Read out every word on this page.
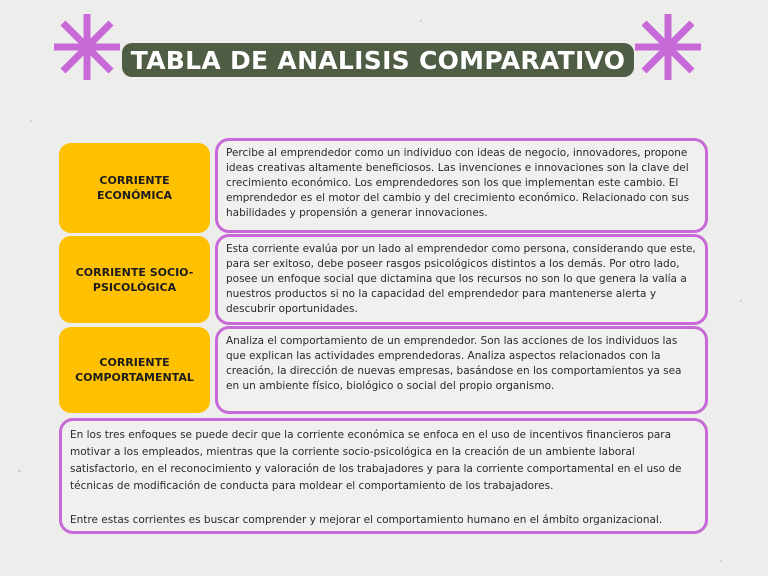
TABLA DE ANALISIS COMPARATIVO
CORRIENTE ECONÓMICA
Percibe al emprendedor como un individuo con ideas de negocio, innovadores, propone ideas creativas altamente beneficiosos. Las invenciones e innovaciones son la clave del crecimiento económico. Los emprendedores son los que implementan este cambio. El emprendedor es el motor del cambio y del crecimiento económico. Relacionado con sus habilidades y propensión a generar innovaciones.
CORRIENTE SOCIO-PSICOLÓGICA
Esta corriente evalúa por un lado al emprendedor como persona, considerando que este, para ser exitoso, debe poseer rasgos psicológicos distintos a los demás. Por otro lado, posee un enfoque social que dictamina que los recursos no son lo que genera la valía a nuestros productos si no la capacidad del emprendedor para mantenerse alerta y descubrir oportunidades.
CORRIENTE COMPORTAMENTAL
Analiza el comportamiento de un emprendedor. Son las acciones de los individuos las que explican las actividades emprendedoras. Analiza aspectos relacionados con la creación, la dirección de nuevas empresas, basándose en los comportamientos ya sea en un ambiente físico, biológico o social del propio organismo.

En los tres enfoques se puede decir que la corriente económica se enfoca en el uso de incentivos financieros para motivar a los empleados, mientras que la corriente socio-psicológica en la creación de un ambiente laboral satisfactorio, en el reconocimiento y valoración de los trabajadores y para la corriente comportamental en el uso de técnicas de modificación de conducta para moldear el comportamiento de los trabajadores.

Entre estas corrientes es buscar comprender y mejorar el comportamiento humano en el ámbito organizacional.
